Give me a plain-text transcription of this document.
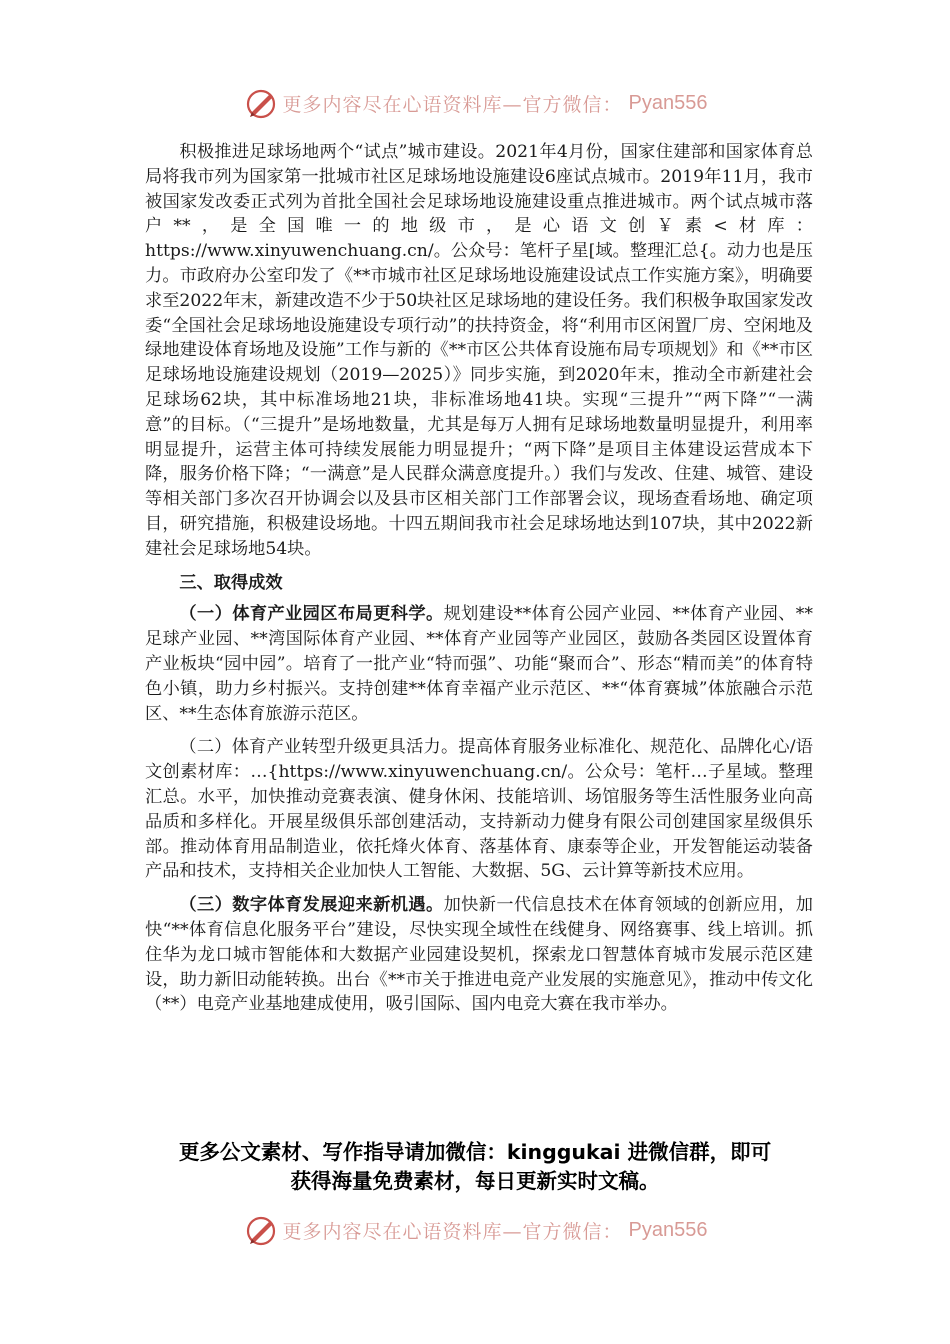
更多内容尽在心语资料库—官方微信： Pyan556

积极推进足球场地两个“试点”城市建设。2021年4月份，国家住建部和国家体育总局将我市列为国家第一批城市社区足球场地设施建设6座试点城市。2019年11月，我市被国家发改委正式列为首批全国社会足球场地设施建设重点推进城市。两个试点城市落户**，是全国唯一的地级市，是心语文创￥素<材库：https://www.xinyuwenchuang.cn/。公众号：笔杆子星[域。整理汇总{。动力也是压力。市政府办公室印发了《**市城市社区足球场地设施建设试点工作实施方案》，明确要求至2022年末，新建改造不少于50块社区足球场地的建设任务。我们积极争取国家发改委“全国社会足球场地设施建设专项行动”的扶持资金，将“利用市区闲置厂房、空闲地及绿地建设体育场地及设施”工作与新的《**市区公共体育设施布局专项规划》和《**市区足球场地设施建设规划（2019—2025）》同步实施，到2020年末，推动全市新建社会足球场62块，其中标准场地21块，非标准场地41块。实现“三提升”“两下降”“一满意”的目标。（“三提升”是场地数量，尤其是每万人拥有足球场地数量明显提升，利用率明显提升，运营主体可持续发展能力明显提升；“两下降”是项目主体建设运营成本下降，服务价格下降；“一满意”是人民群众满意度提升。）我们与发改、住建、城管、建设等相关部门多次召开协调会以及县市区相关部门工作部署会议，现场查看场地、确定项目，研究措施，积极建设场地。十四五期间我市社会足球场地达到107块，其中2022新建社会足球场地54块。

三、取得成效

（一）体育产业园区布局更科学。规划建设**体育公园产业园、**体育产业园、**足球产业园、**湾国际体育产业园、**体育产业园等产业园区，鼓励各类园区设置体育产业板块“园中园”。培育了一批产业“特而强”、功能“聚而合”、形态“精而美”的体育特色小镇，助力乡村振兴。支持创建**体育幸福产业示范区、**“体育赛城”体旅融合示范区、**生态体育旅游示范区。

（二）体育产业转型升级更具活力。提高体育服务业标准化、规范化、品牌化心/语文创素材库：…{https://www.xinyuwenchuang.cn/。公众号：笔杆…子星域。整理汇总。水平，加快推动竞赛表演、健身休闲、技能培训、场馆服务等生活性服务业向高品质和多样化。开展星级俱乐部创建活动，支持新动力健身有限公司创建国家星级俱乐部。推动体育用品制造业，依托烽火体育、落基体育、康泰等企业，开发智能运动装备产品和技术，支持相关企业加快人工智能、大数据、5G、云计算等新技术应用。

（三）数字体育发展迎来新机遇。加快新一代信息技术在体育领域的创新应用，加快“**体育信息化服务平台”建设，尽快实现全域性在线健身、网络赛事、线上培训。抓住华为龙口城市智能体和大数据产业园建设契机，探索龙口智慧体育城市发展示范区建设，助力新旧动能转换。出台《**市关于推进电竞产业发展的实施意见》，推动中传文化（**）电竞产业基地建成使用，吸引国际、国内电竞大赛在我市举办。

更多公文素材、写作指导请加微信：kinggukai 进微信群，即可
获得海量免费素材，每日更新实时文稿。
更多内容尽在心语资料库—官方微信： Pyan556
